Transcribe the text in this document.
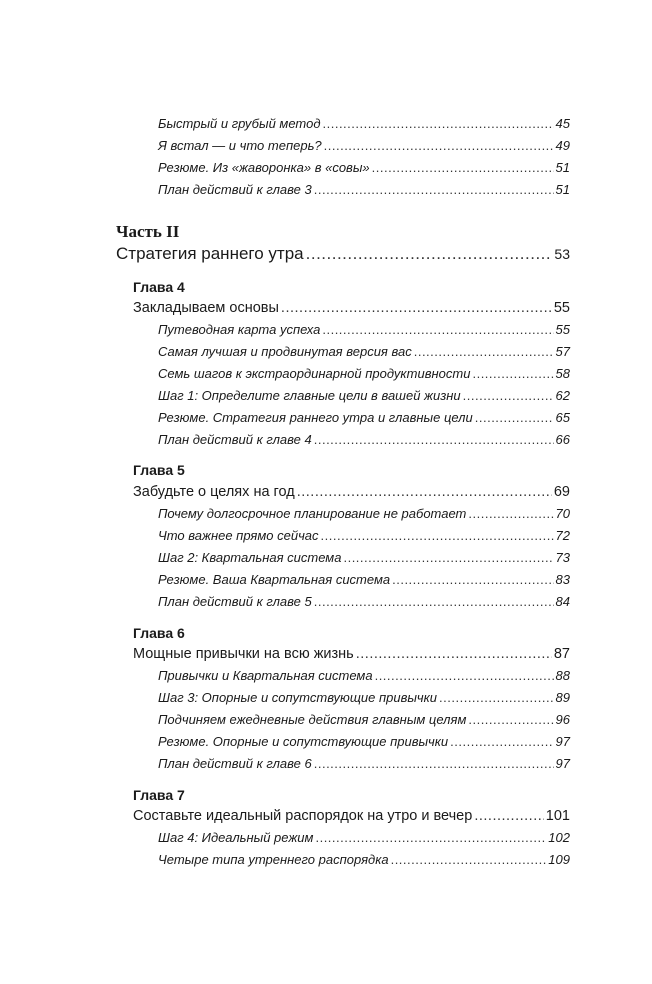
Быстрый и грубый метод .....	45
Я встал — и что теперь? .....	49
Резюме. Из «жаворонка» в «совы» .....	51
План действий к главе 3 .....	51
Часть II
Стратегия раннего утра .....	53
Глава 4
Закладываем основы .....	55
Путеводная карта успеха .....	55
Самая лучшая и продвинутая версия вас .....	57
Семь шагов к экстраординарной продуктивности .....	58
Шаг 1: Определите главные цели в вашей жизни .....	62
Резюме. Стратегия раннего утра и главные цели .....	65
План действий к главе 4 .....	66
Глава 5
Забудьте о целях на год .....	69
Почему долгосрочное планирование не работает .....	70
Что важнее прямо сейчас .....	72
Шаг 2: Квартальная система .....	73
Резюме. Ваша Квартальная система .....	83
План действий к главе 5 .....	84
Глава 6
Мощные привычки на всю жизнь .....	87
Привычки и Квартальная система .....	88
Шаг 3: Опорные и сопутствующие привычки .....	89
Подчиняем ежедневные действия главным целям .....	96
Резюме. Опорные и сопутствующие привычки .....	97
План действий к главе 6 .....	97
Глава 7
Составьте идеальный распорядок на утро и вечер .....	101
Шаг 4: Идеальный режим .....	102
Четыре типа утреннего распорядка .....	109
